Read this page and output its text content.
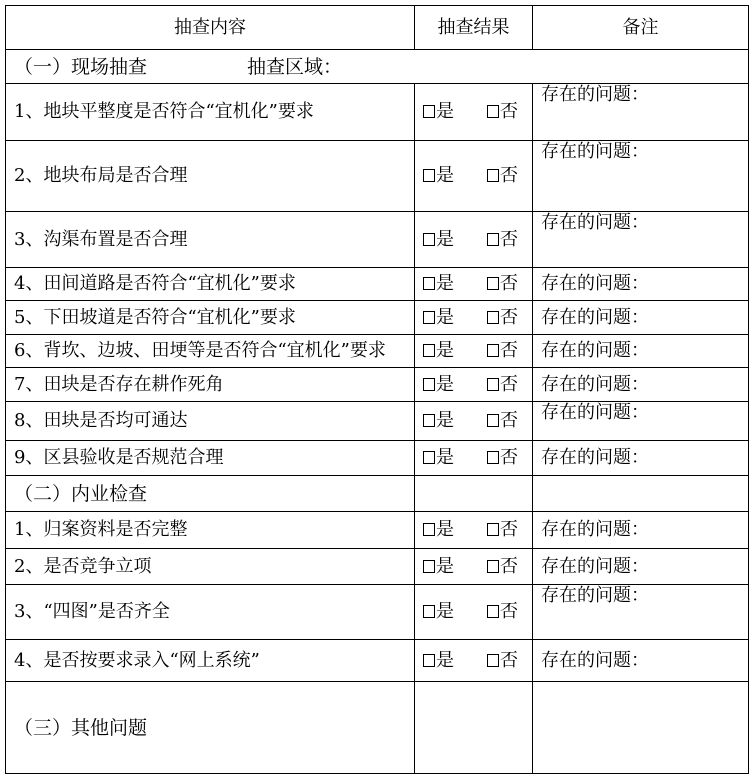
抽查内容	抽查结果	备注
（一）现场抽查 抽查区域：		
1、地块平整度是否符合“宜机化”要求	是 否	存在的问题：
2、地块布局是否合理	是 否	存在的问题：
3、沟渠布置是否合理	是 否	存在的问题：
4、田间道路是否符合“宜机化”要求	是 否	存在的问题：
5、下田坡道是否符合“宜机化”要求	是 否	存在的问题：
6、背坎、边坡、田埂等是否符合“宜机化”要求	是 否	存在的问题：
7、田块是否存在耕作死角	是 否	存在的问题：
8、田块是否均可通达	是 否	存在的问题：
9、区县验收是否规范合理	是 否	存在的问题：
（二）内业检查		
1、归案资料是否完整	是 否	存在的问题：
2、是否竞争立项	是 否	存在的问题：
3、“四图”是否齐全	是 否	存在的问题：
4、是否按要求录入“网上系统”	是 否	存在的问题：
（三）其他问题		
